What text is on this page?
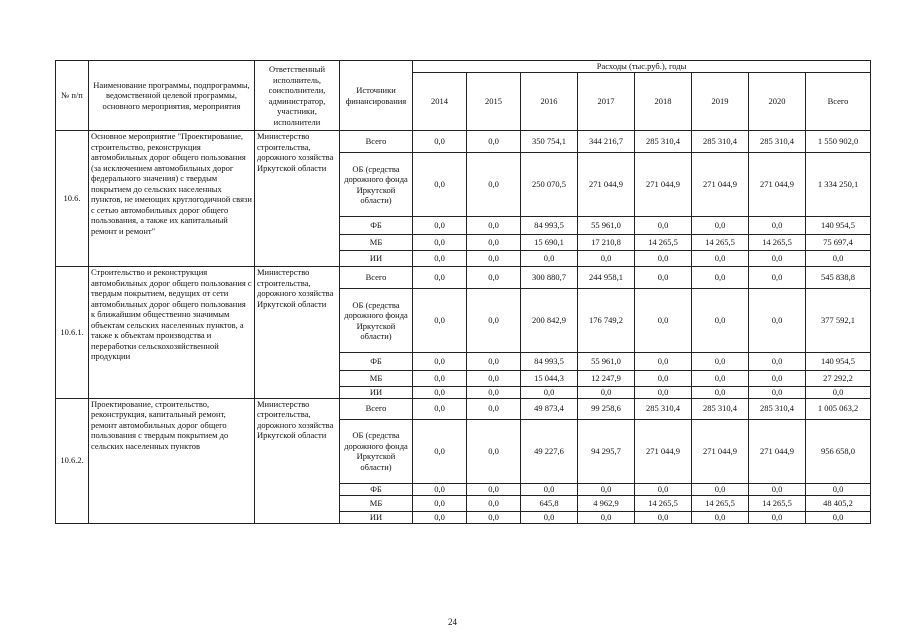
№ п/п	Наименование программы, подпрограммы, ведомственной целевой программы, основного мероприятия, мероприятия	Ответственный исполнитель, соисполнители, администратор, участники, исполнители	Источники финансирования	Расходы (тыс.руб.), годы							
				2014	2015	2016	2017	2018	2019	2020	Всего
10.6.	Основное мероприятие "Проектирование, строительство, реконструкция автомобильных дорог общего пользования (за исключением автомобильных дорог федерального значения) с твердым покрытием до сельских населенных пунктов, не имеющих круглогодичной связи с сетью автомобильных дорог общего пользования, а также их капитальный ремонт и ремонт"	Министерство строительства, дорожного хозяйства Иркутской области	Всего	0,0	0,0	350 754,1	344 216,7	285 310,4	285 310,4	285 310,4	1 550 902,0
			ОБ (средства дорожного фонда Иркутской области)	0,0	0,0	250 070,5	271 044,9	271 044,9	271 044,9	271 044,9	1 334 250,1
			ФБ	0,0	0,0	84 993,5	55 961,0	0,0	0,0	0,0	140 954,5
			МБ	0,0	0,0	15 690,1	17 210,8	14 265,5	14 265,5	14 265,5	75 697,4
			ИИ	0,0	0,0	0,0	0,0	0,0	0,0	0,0	0,0
10.6.1.	Строительство и реконструкция автомобильных дорог общего пользования с твердым покрытием, ведущих от сети автомобильных дорог общего пользования к ближайшим общественно значимым объектам сельских населенных пунктов, а также к объектам производства и переработки сельскохозяйственной продукции	Министерство строительства, дорожного хозяйства Иркутской области	Всего	0,0	0,0	300 880,7	244 958,1	0,0	0,0	0,0	545 838,8
			ОБ (средства дорожного фонда Иркутской области)	0,0	0,0	200 842,9	176 749,2	0,0	0,0	0,0	377 592,1
			ФБ	0,0	0,0	84 993,5	55 961,0	0,0	0,0	0,0	140 954,5
			МБ	0,0	0,0	15 044,3	12 247,9	0,0	0,0	0,0	27 292,2
			ИИ	0,0	0,0	0,0	0,0	0,0	0,0	0,0	0,0
10.6.2.	Проектирование, строительство, реконструкция, капитальный ремонт, ремонт автомобильных дорог общего пользования с твердым покрытием до сельских населенных пунктов	Министерство строительства, дорожного хозяйства Иркутской области	Всего	0,0	0,0	49 873,4	99 258,6	285 310,4	285 310,4	285 310,4	1 005 063,2
			ОБ (средства дорожного фонда Иркутской области)	0,0	0,0	49 227,6	94 295,7	271 044,9	271 044,9	271 044,9	956 658,0
			ФБ	0,0	0,0	0,0	0,0	0,0	0,0	0,0	0,0
			МБ	0,0	0,0	645,8	4 962,9	14 265,5	14 265,5	14 265,5	48 405,2
			ИИ	0,0	0,0	0,0	0,0	0,0	0,0	0,0	0,0
24
